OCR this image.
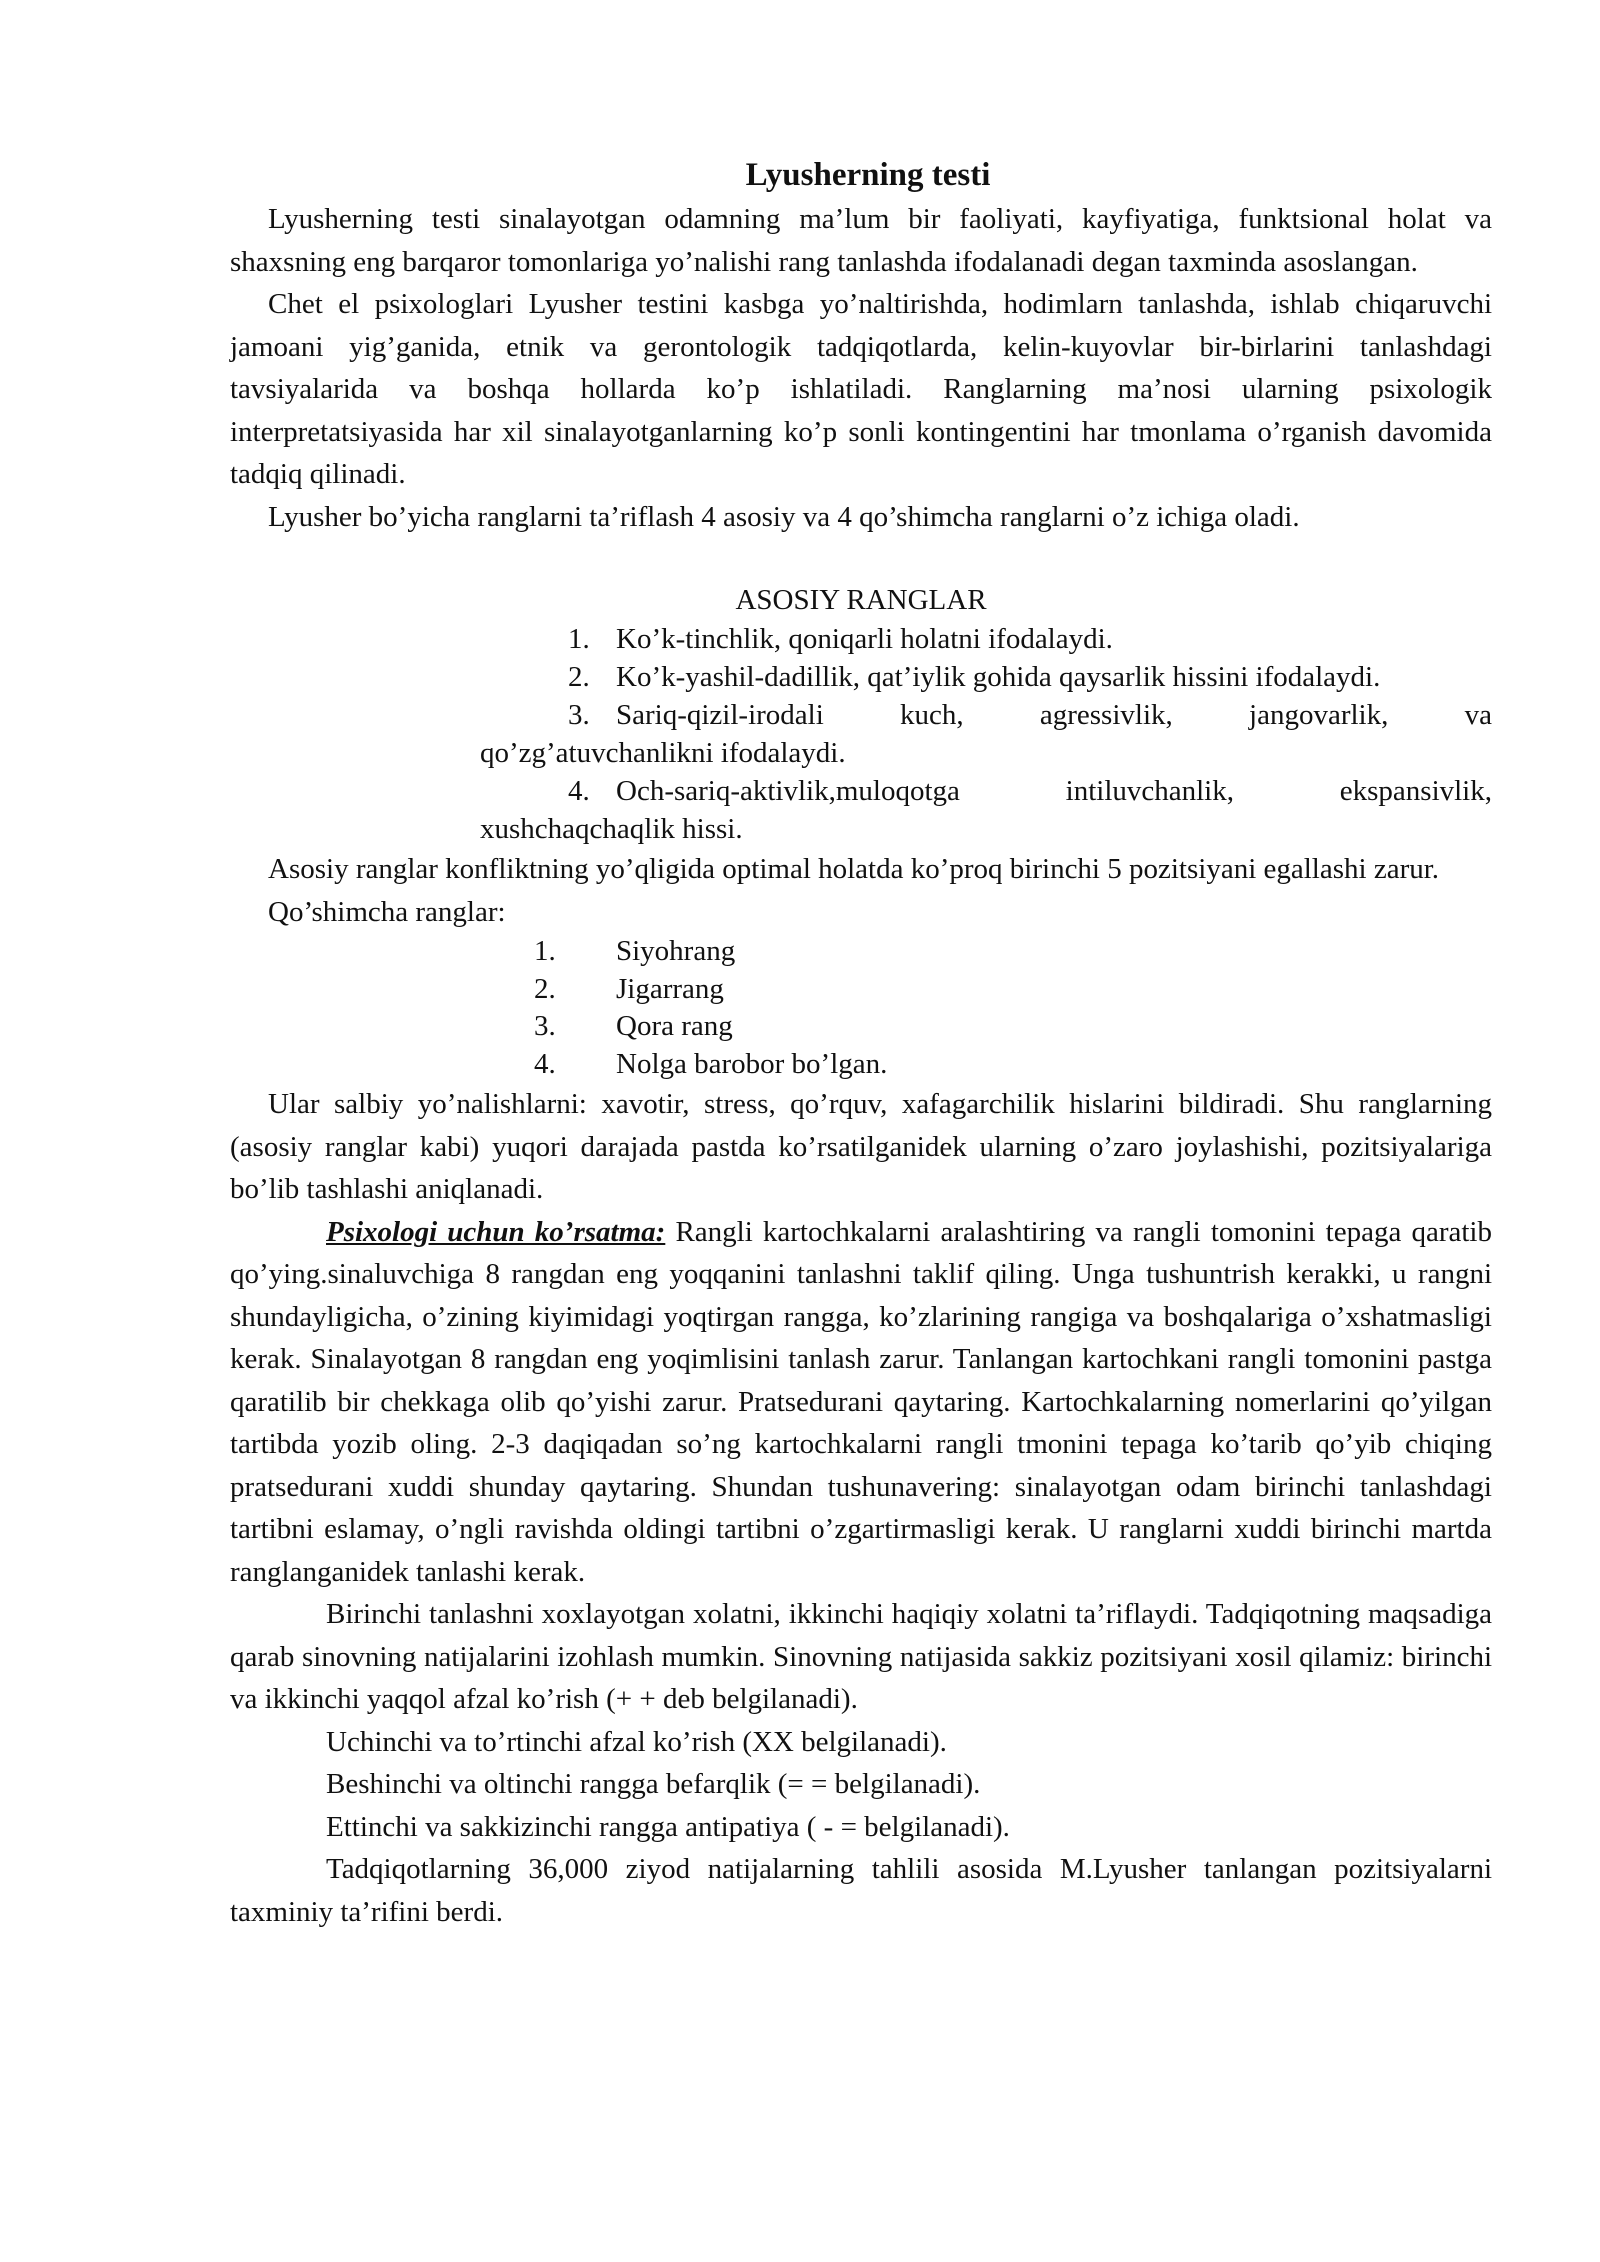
Lyusherning testi

Lyusherning testi sinalayotgan odamning ma’lum bir faoliyati, kayfiyatiga, funktsional holat va shaxsning eng barqaror tomonlariga yo’nalishi rang tanlashda ifodalanadi degan taxminda asoslangan.

Chet el psixologlari Lyusher testini kasbga yo’naltirishda, hodimlarn tanlashda, ishlab chiqaruvchi jamoani yig’ganida, etnik va gerontologik tadqiqotlarda, kelin-kuyovlar bir-birlarini tanlashdagi tavsiyalarida va boshqa hollarda ko’p ishlatiladi. Ranglarning ma’nosi ularning psixologik interpretatsiyasida har xil sinalayotganlarning ko’p sonli kontingentini har tmonlama o’rganish davomida tadqiq qilinadi.

Lyusher bo’yicha ranglarni ta’riflash 4 asosiy va 4 qo’shimcha ranglarni o’z ichiga oladi.

ASOSIY RANGLAR

1. Ko’k-tinchlik, qoniqarli holatni ifodalaydi.
2. Ko’k-yashil-dadillik, qat’iylik gohida qaysarlik hissini ifodalaydi.
3. Sariq-qizil-irodali	kuch,	agressivlik,	jangovarlik,	va
qo’zg’atuvchanlikni ifodalaydi.
4. Och-sariq-aktivlik,muloqotga	intiluvchanlik,	ekspansivlik,
xushchaqchaqlik hissi.

Asosiy ranglar konfliktning yo’qligida optimal holatda ko’proq birinchi 5 pozitsiyani egallashi zarur.

Qo’shimcha ranglar:

1.	Siyohrang
2.	Jigarrang
3.	Qora rang
4.	Nolga barobor bo’lgan.

Ular salbiy yo’nalishlarni: xavotir, stress, qo’rquv, xafagarchilik hislarini bildiradi. Shu ranglarning (asosiy ranglar kabi) yuqori darajada pastda ko’rsatilganidek ularning o’zaro joylashishi, pozitsiyalariga bo’lib tashlashi aniqlanadi.

Psixologi uchun ko’rsatma: Rangli kartochkalarni aralashtiring va rangli tomonini tepaga qaratib qo’ying.sinaluvchiga 8 rangdan eng yoqqanini tanlashni taklif qiling. Unga tushuntrish kerakki, u rangni shundayligicha, o’zining kiyimidagi yoqtirgan rangga, ko’zlarining rangiga va boshqalariga o’xshatmasligi kerak. Sinalayotgan 8 rangdan eng yoqimlisini tanlash zarur. Tanlangan kartochkani rangli tomonini pastga qaratilib bir chekkaga olib qo’yishi zarur. Pratsedurani qaytaring. Kartochkalarning nomerlarini qo’yilgan tartibda yozib oling. 2-3 daqiqadan so’ng kartochkalarni rangli tmonini tepaga ko’tarib qo’yib chiqing pratsedurani xuddi shunday qaytaring. Shundan tushunavering: sinalayotgan odam birinchi tanlashdagi tartibni eslamay, o’ngli ravishda oldingi tartibni o’zgartirmasligi kerak. U ranglarni xuddi birinchi martda ranglanganidek tanlashi kerak.

Birinchi tanlashni xoxlayotgan xolatni, ikkinchi haqiqiy xolatni ta’riflaydi. Tadqiqotning maqsadiga qarab sinovning natijalarini izohlash mumkin. Sinovning natijasida sakkiz pozitsiyani xosil qilamiz: birinchi va ikkinchi yaqqol afzal ko’rish (+ + deb belgilanadi).

Uchinchi va to’rtinchi afzal ko’rish (XX belgilanadi).

Beshinchi va oltinchi rangga befarqlik (= = belgilanadi).

Ettinchi va sakkizinchi rangga antipatiya ( - = belgilanadi).

Tadqiqotlarning 36,000 ziyod natijalarning tahlili asosida M.Lyusher tanlangan pozitsiyalarni taxminiy ta’rifini berdi.
